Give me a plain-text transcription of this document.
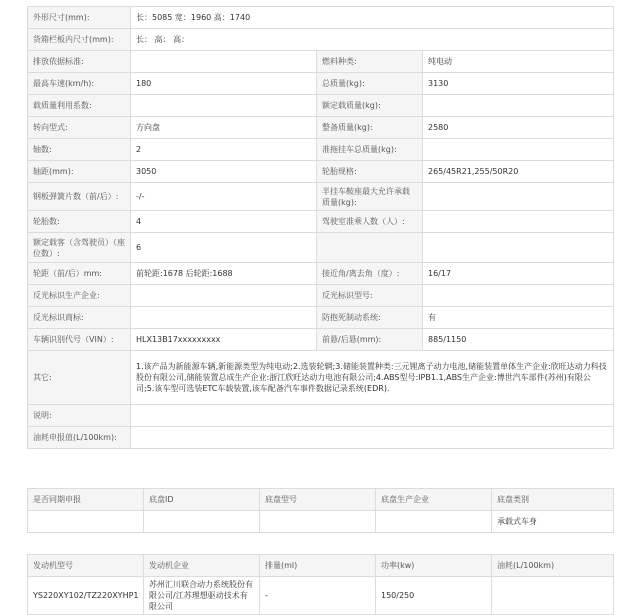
外形尺寸(mm):	长：5085 宽：1960 高：1740		
货箱栏板内尺寸(mm):	长： 高： 高：		
排放依据标准:		燃料种类:	纯电动
最高车速(km/h):	180	总质量(kg):	3130
载质量利用系数:		额定载质量(kg):	
转向型式:	方向盘	整备质量(kg):	2580
轴数:	2	准拖挂车总质量(kg):	
轴距(mm):	3050	轮胎规格:	265/45R21,255/50R20
钢板弹簧片数（前/后）:	-/-	半挂车鞍座最大允许承载质量(kg):	
轮胎数:	4	驾驶室准乘人数（人）:	
额定载客（含驾驶员）（座位数）:	6		
轮距（前/后）mm:	前轮距:1678 后轮距:1688	接近角/离去角（度）:	16/17
反光标识生产企业:		反光标识型号:	
反光标识商标:		防抱死制动系统:	有
车辆识别代号（VIN）:	HLX13B17xxxxxxxxx	前悬/后悬(mm):	885/1150
其它:	1.该产品为新能源车辆,新能源类型为纯电动;2.选装轮辋;3.储能装置种类:三元锂离子动力电池,储能装置单体生产企业:欣旺达动力科技股份有限公司,储能装置总成生产企业:浙江欣旺达动力电池有限公司;4.ABS型号:IPB1.1,ABS生产企业:博世汽车部件(苏州)有限公司;5.该车型可选装ETC车载装置,该车配备汽车事件数据记录系统(EDR).		
说明:			
油耗申报值(L/100km):			
是否同期申报	底盘ID	底盘型号	底盘生产企业	底盘类别
				承载式车身
发动机型号	发动机企业	排量(ml)	功率(kw)	油耗(L/100km)
YS220XY102/TZ220XYHP1	苏州汇川联合动力系统股份有限公司/江苏理想驱动技术有限公司	-	150/250	
